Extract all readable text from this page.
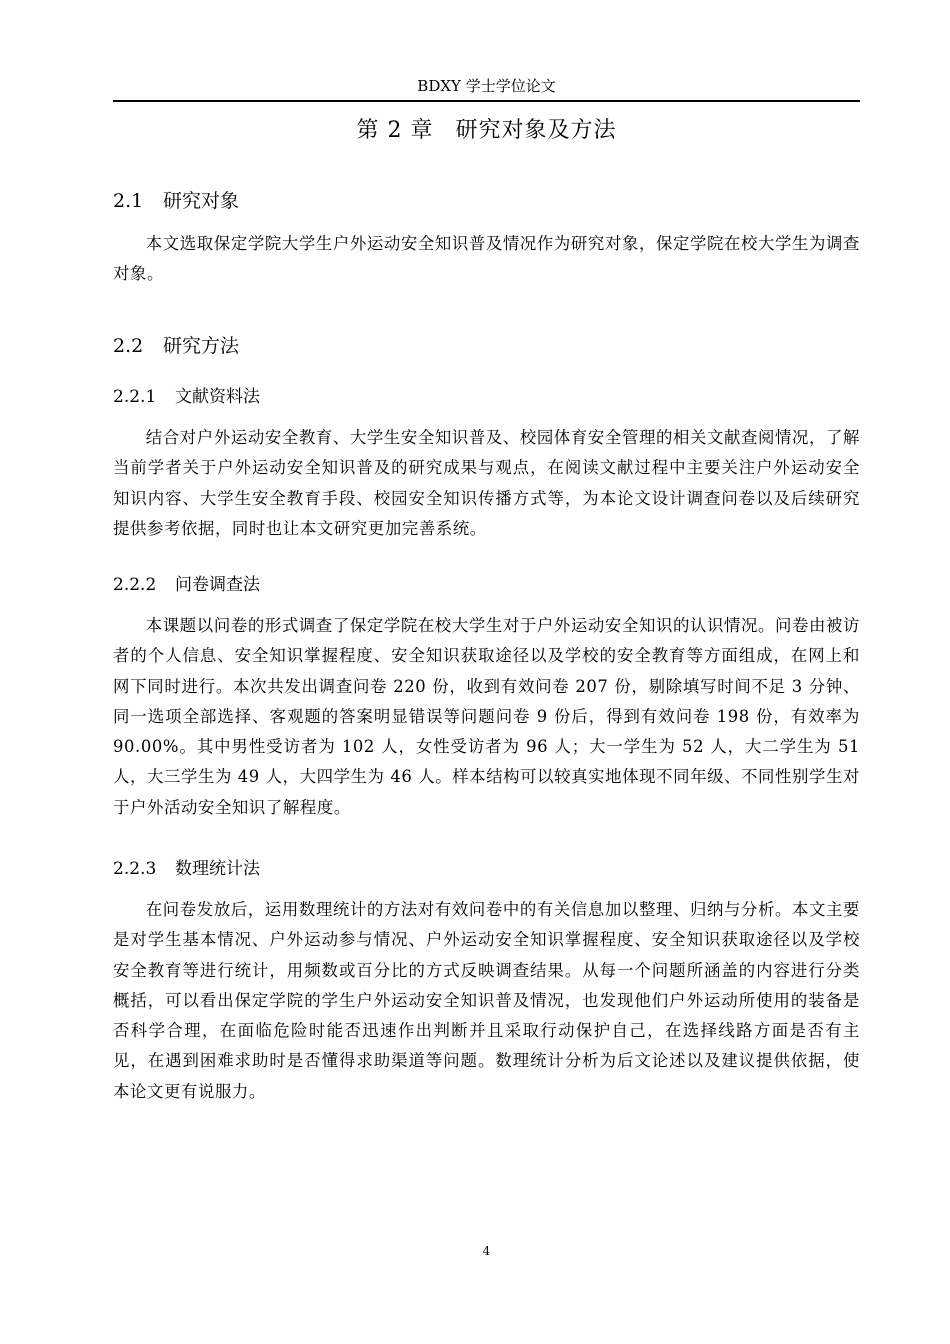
BDXY 学士学位论文
第 2 章 研究对象及方法
2.1 研究对象

本文选取保定学院大学生户外运动安全知识普及情况作为研究对象，保定学院在校大学生为调查对象。

2.2 研究方法
2.2.1 文献资料法

结合对户外运动安全教育、大学生安全知识普及、校园体育安全管理的相关文献查阅情况，了解当前学者关于户外运动安全知识普及的研究成果与观点，在阅读文献过程中主要关注户外运动安全知识内容、大学生安全教育手段、校园安全知识传播方式等，为本论文设计调查问卷以及后续研究提供参考依据，同时也让本文研究更加完善系统。

2.2.2 问卷调查法

本课题以问卷的形式调查了保定学院在校大学生对于户外运动安全知识的认识情况。问卷由被访者的个人信息、安全知识掌握程度、安全知识获取途径以及学校的安全教育等方面组成，在网上和网下同时进行。本次共发出调查问卷 220 份，收到有效问卷 207 份，剔除填写时间不足 3 分钟、同一选项全部选择、客观题的答案明显错误等问题问卷 9 份后，得到有效问卷 198 份，有效率为 90.00%。其中男性受访者为 102 人，女性受访者为 96 人；大一学生为 52 人，大二学生为 51 人，大三学生为 49 人，大四学生为 46 人。样本结构可以较真实地体现不同年级、不同性别学生对于户外活动安全知识了解程度。

2.2.3 数理统计法

在问卷发放后，运用数理统计的方法对有效问卷中的有关信息加以整理、归纳与分析。本文主要是对学生基本情况、户外运动参与情况、户外运动安全知识掌握程度、安全知识获取途径以及学校安全教育等进行统计，用频数或百分比的方式反映调查结果。从每一个问题所涵盖的内容进行分类概括，可以看出保定学院的学生户外运动安全知识普及情况，也发现他们户外运动所使用的装备是否科学合理，在面临危险时能否迅速作出判断并且采取行动保护自己，在选择线路方面是否有主见，在遇到困难求助时是否懂得求助渠道等问题。数理统计分析为后文论述以及建议提供依据，使本论文更有说服力。

4
